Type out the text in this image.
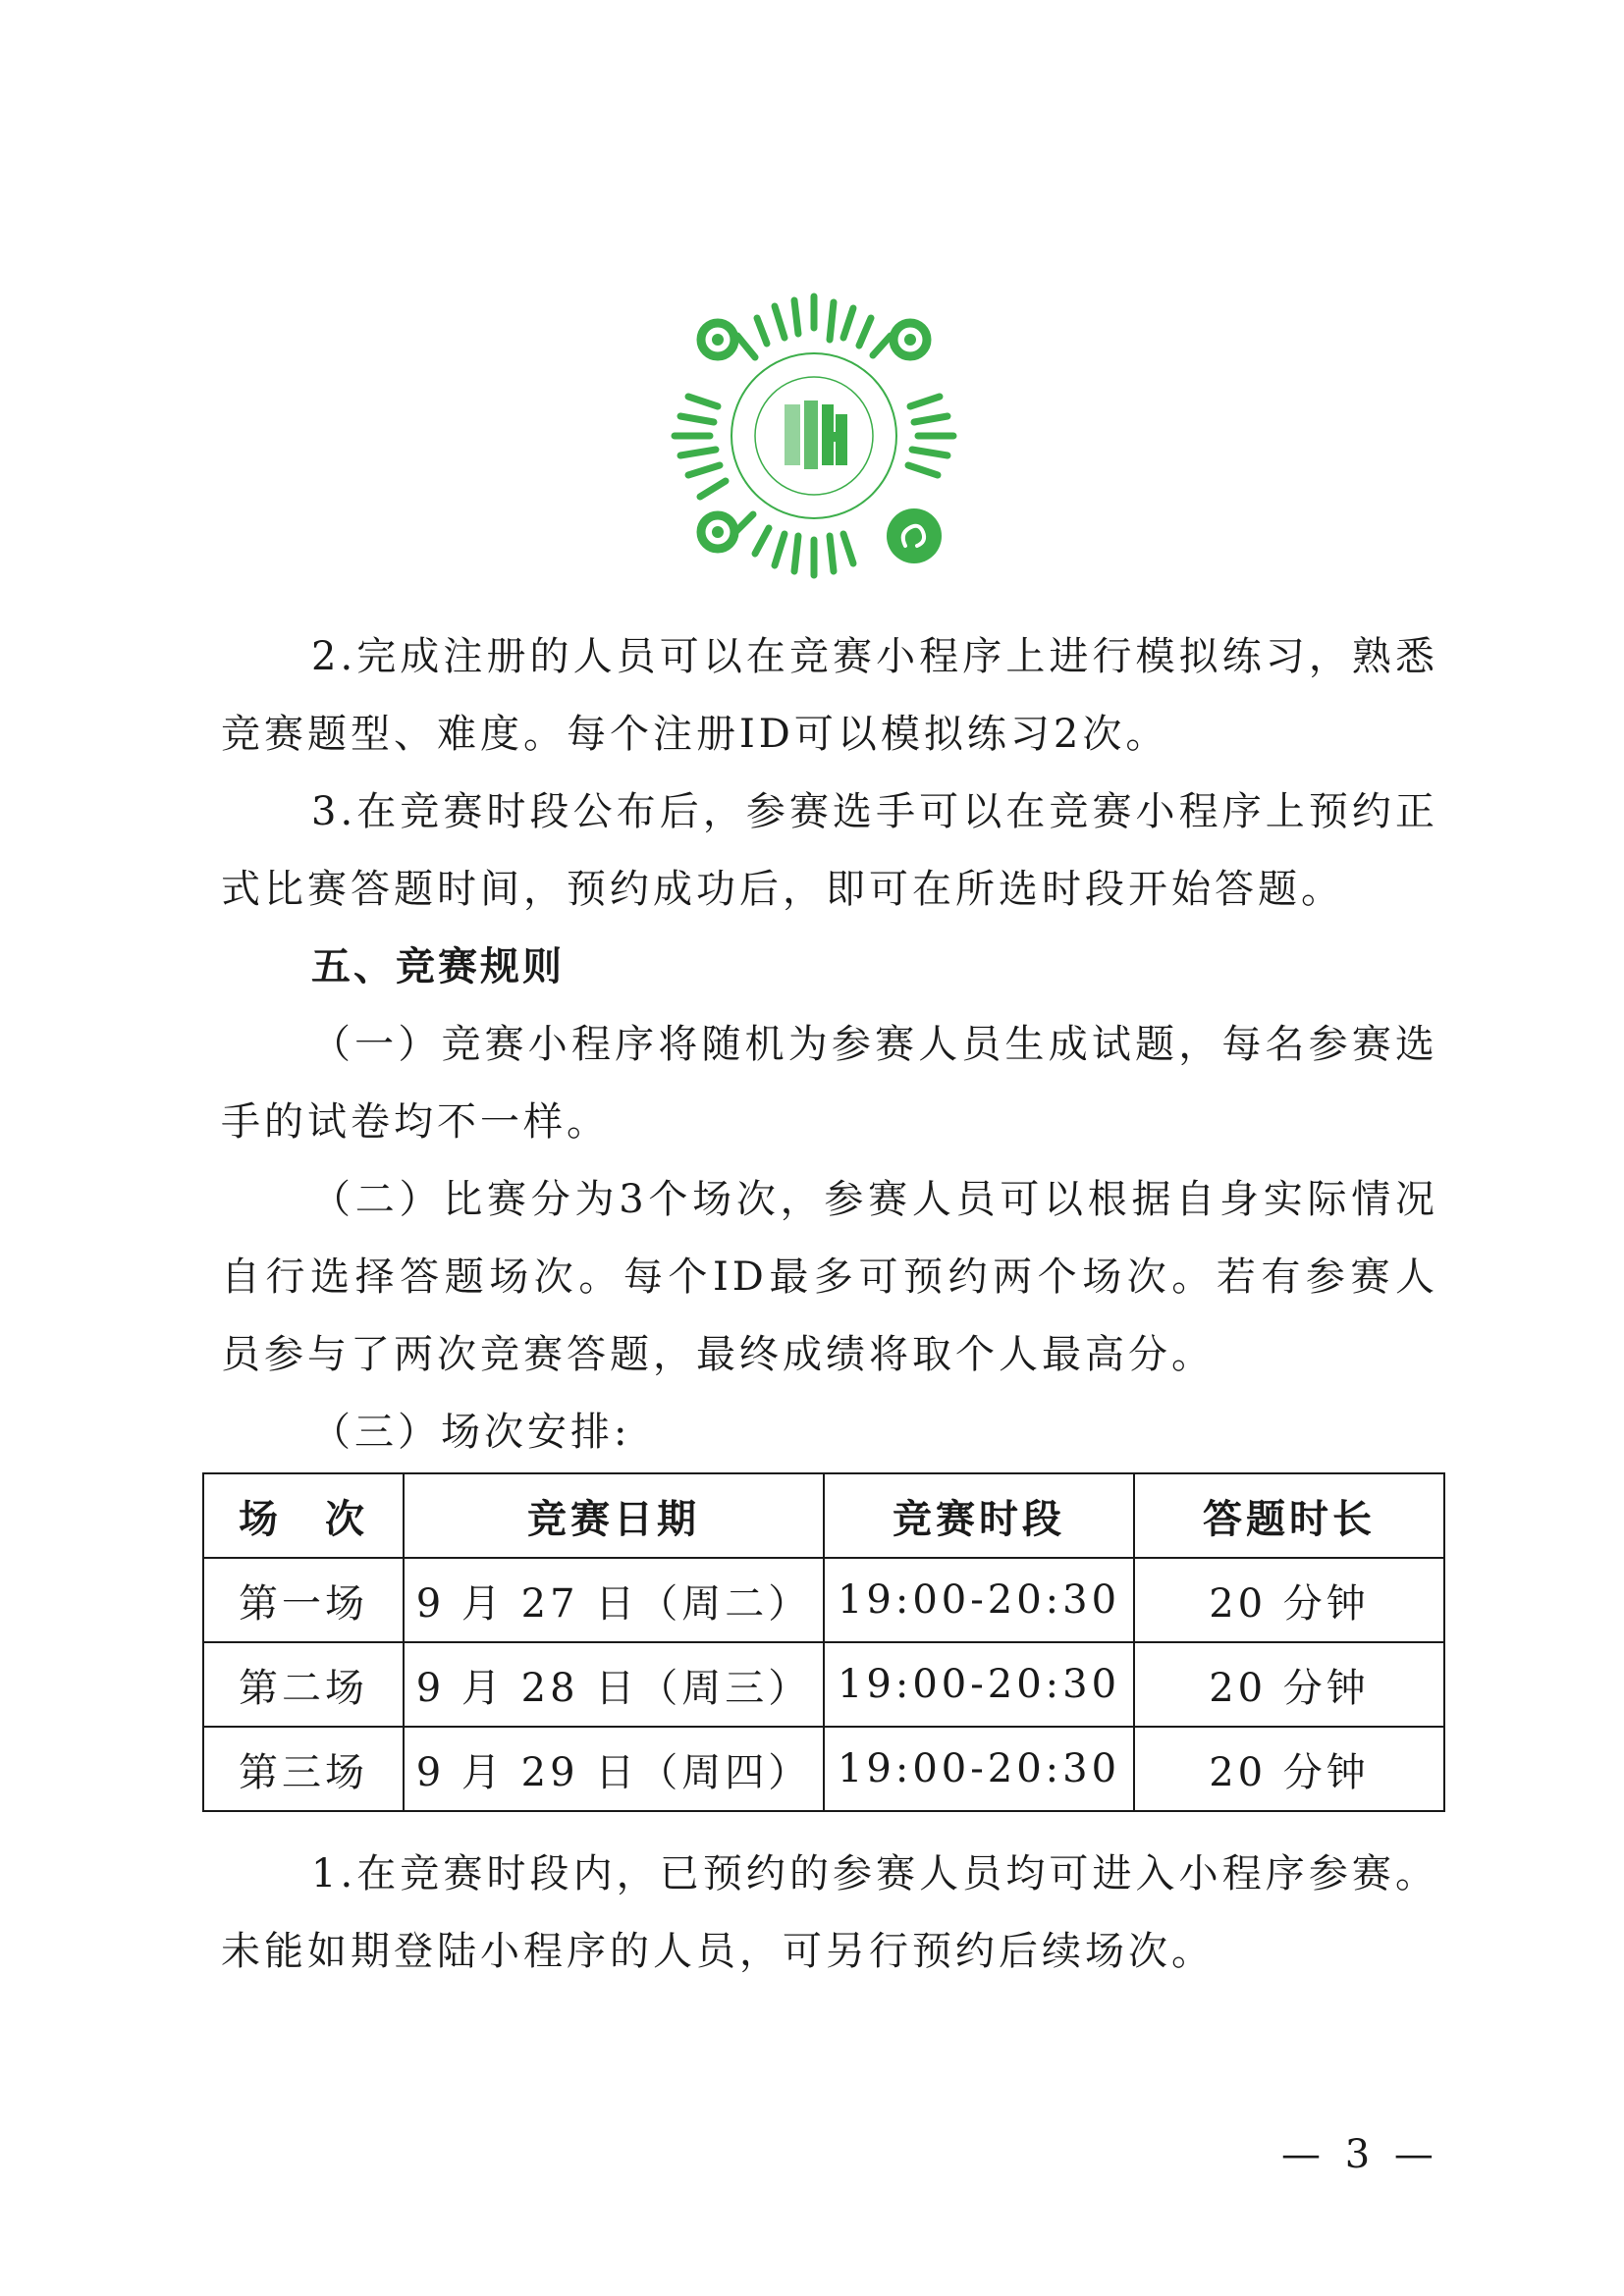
2.完成注册的人员可以在竞赛小程序上进行模拟练习，熟悉竞赛题型、难度。每个注册ID可以模拟练习2次。

3.在竞赛时段公布后，参赛选手可以在竞赛小程序上预约正式比赛答题时间，预约成功后，即可在所选时段开始答题。

五、竞赛规则

（一）竞赛小程序将随机为参赛人员生成试题，每名参赛选手的试卷均不一样。

（二）比赛分为3个场次，参赛人员可以根据自身实际情况自行选择答题场次。每个ID最多可预约两个场次。若有参赛人员参与了两次竞赛答题，最终成绩将取个人最高分。

（三）场次安排:

场　次	竞赛日期	竞赛时段	答题时长
第一场	9 月 27 日（周二）	19:00-20:30	20 分钟
第二场	9 月 28 日（周三）	19:00-20:30	20 分钟
第三场	9 月 29 日（周四）	19:00-20:30	20 分钟

1.在竞赛时段内，已预约的参赛人员均可进入小程序参赛。未能如期登陆小程序的人员，可另行预约后续场次。

— 3 —
